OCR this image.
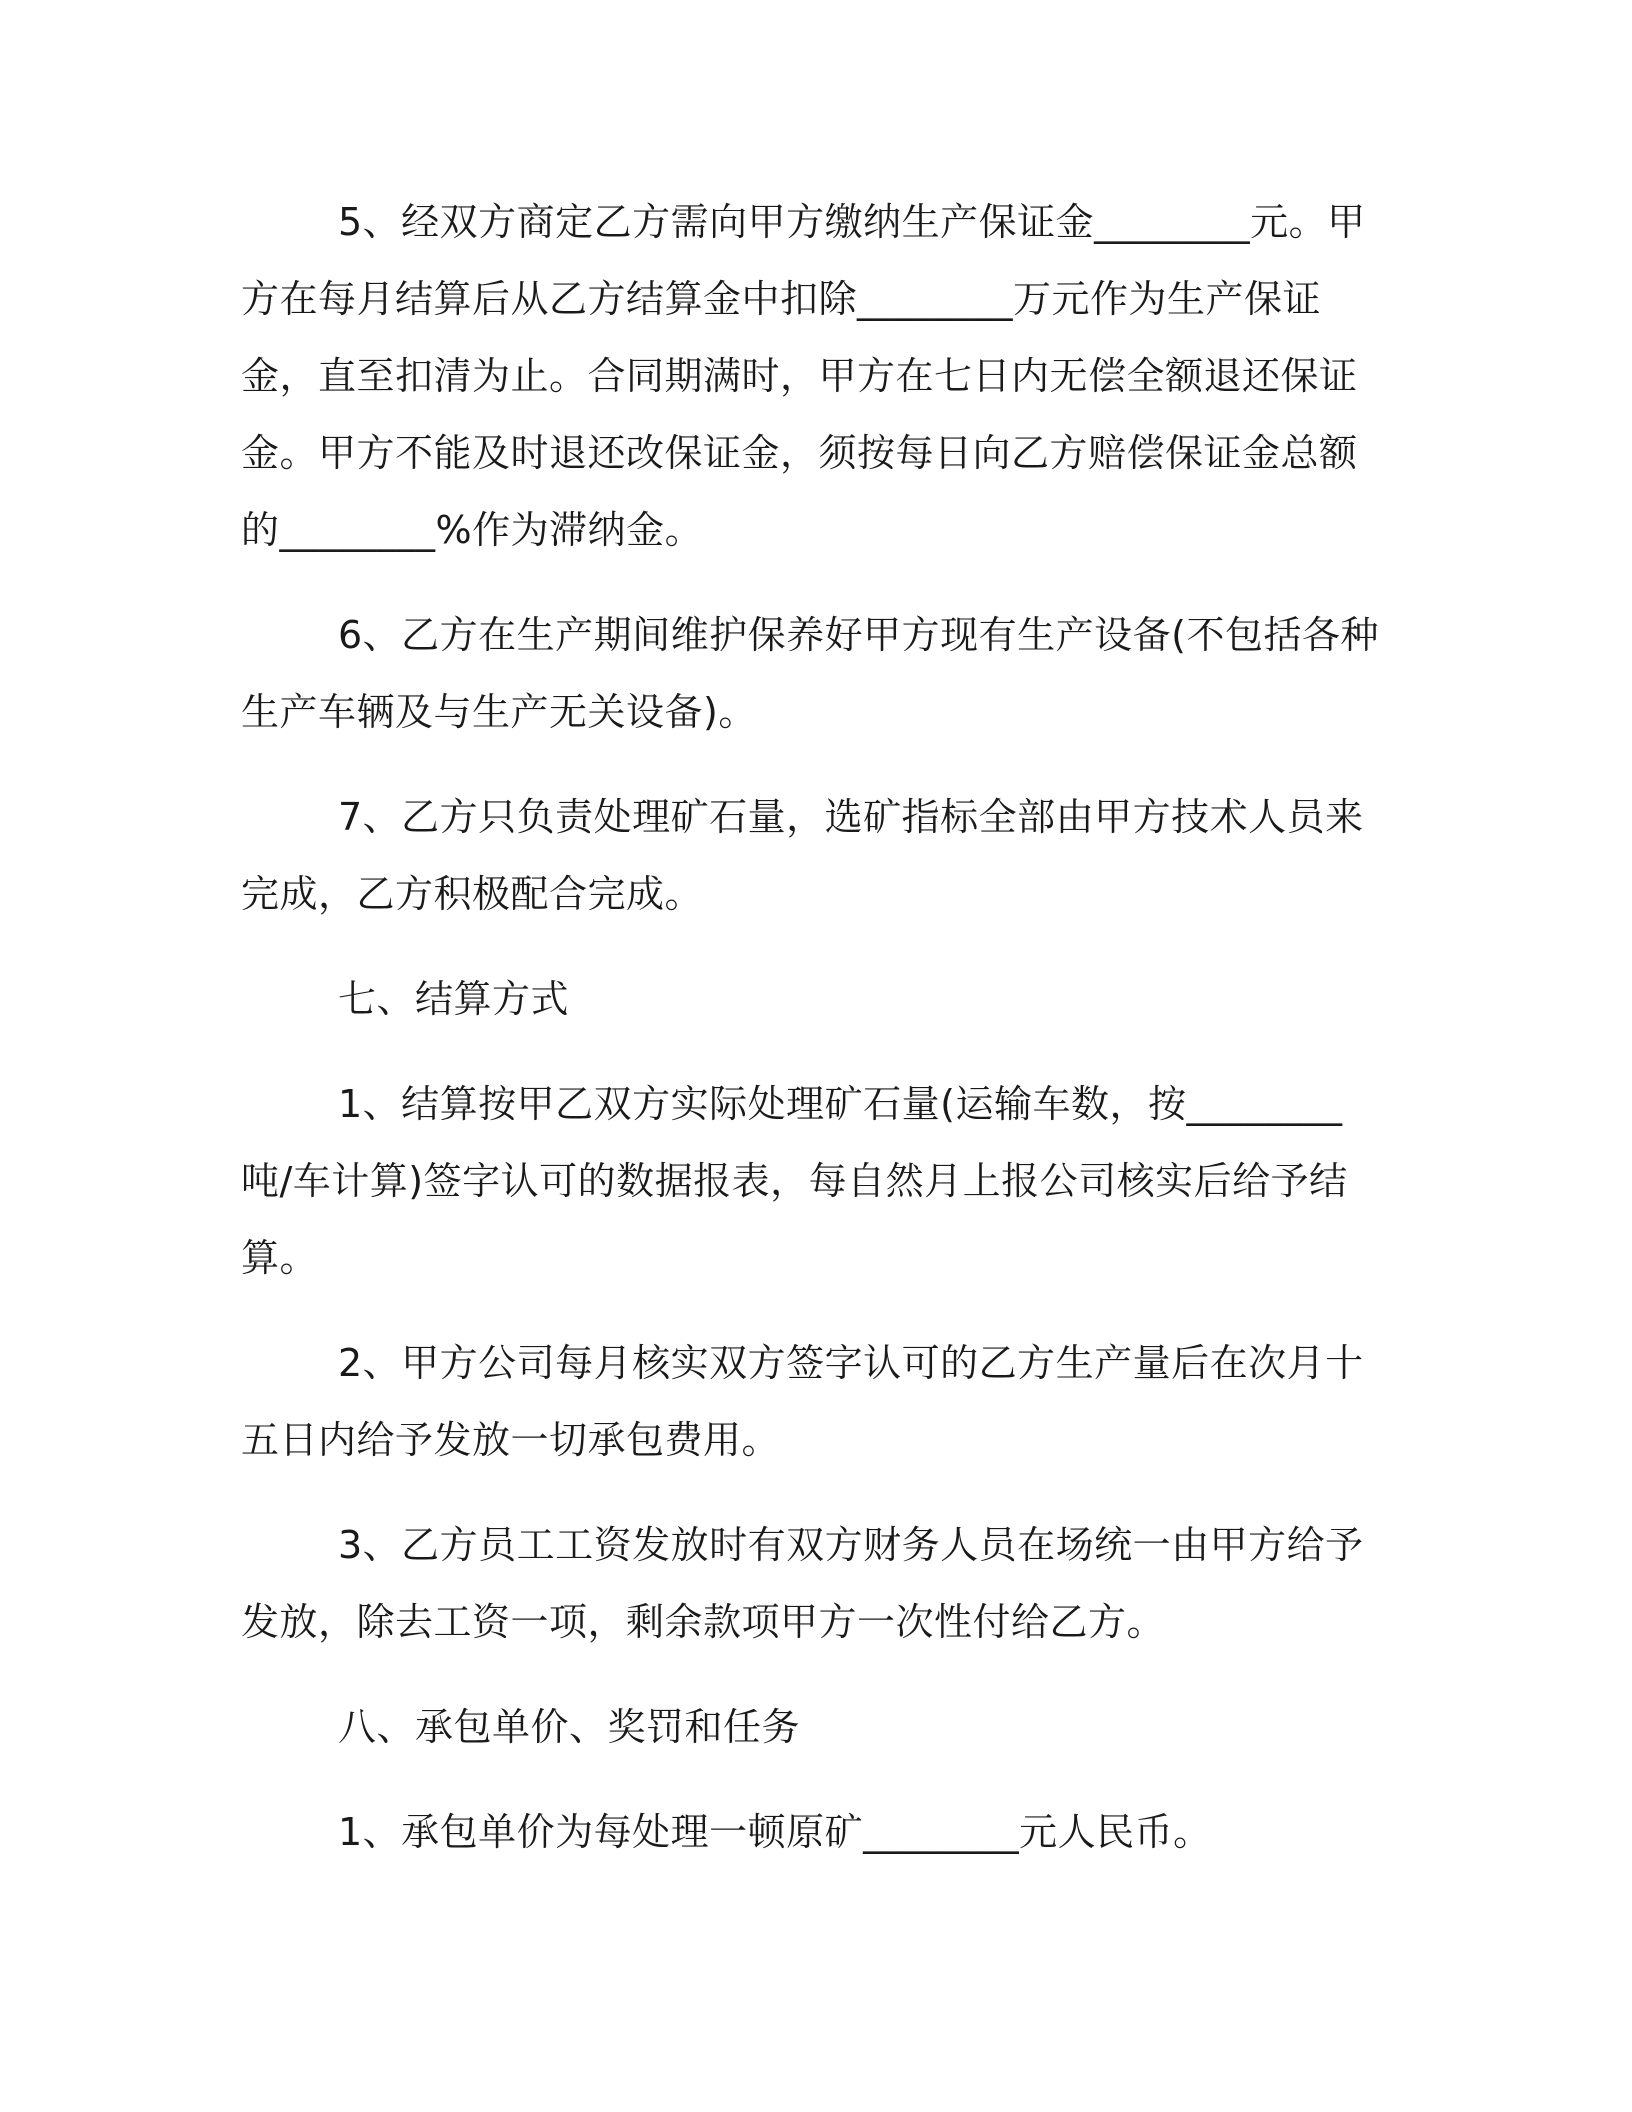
5、经双方商定乙方需向甲方缴纳生产保证金________元。甲方在每月结算后从乙方结算金中扣除________万元作为生产保证金，直至扣清为止。合同期满时，甲方在七日内无偿全额退还保证金。甲方不能及时退还改保证金，须按每日向乙方赔偿保证金总额的________%作为滞纳金。

6、乙方在生产期间维护保养好甲方现有生产设备(不包括各种生产车辆及与生产无关设备)。

7、乙方只负责处理矿石量，选矿指标全部由甲方技术人员来完成，乙方积极配合完成。

七、结算方式

1、结算按甲乙双方实际处理矿石量(运输车数，按________吨/车计算)签字认可的数据报表，每自然月上报公司核实后给予结算。

2、甲方公司每月核实双方签字认可的乙方生产量后在次月十五日内给予发放一切承包费用。

3、乙方员工工资发放时有双方财务人员在场统一由甲方给予发放，除去工资一项，剩余款项甲方一次性付给乙方。

八、承包单价、奖罚和任务

1、承包单价为每处理一顿原矿________元人民币。
